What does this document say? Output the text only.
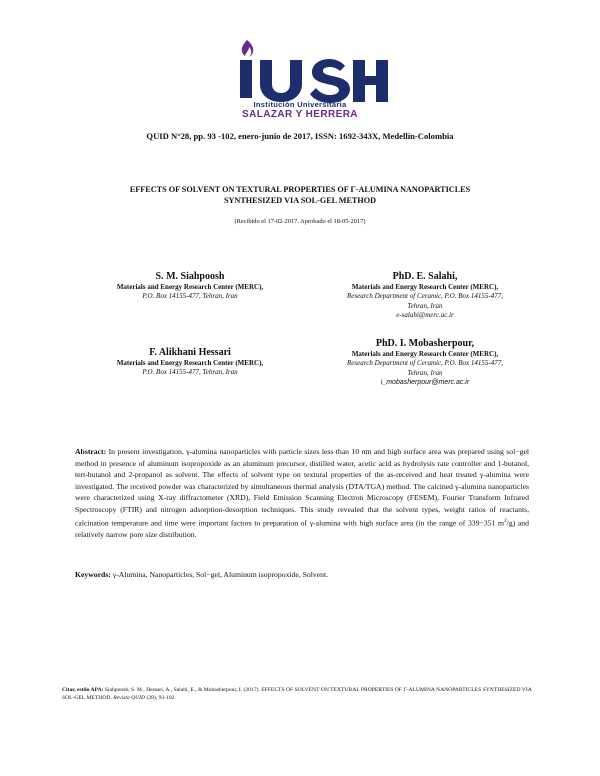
Institución Universitaria
SALAZAR Y HERRERA
QUID N°28, pp. 93 -102, enero-junio de 2017, ISSN: 1692-343X, Medellín-Colombia
EFFECTS OF SOLVENT ON TEXTURAL PROPERTIES OF Γ-ALUMINA NANOPARTICLES
SYNTHESIZED VIA SOL-GEL METHOD
(Recibido el 17-02-2017. Aprobado el 18-05-2017)
S. M. Siahpoosh
Materials and Energy Research Center (MERC),
P.O. Box 14155-477, Tehran, Iran
PhD. E. Salahi,
Materials and Energy Research Center (MERC),
Research Department of Ceramic, P.O. Box 14155-477,
Tehran, Iran
e-salahi@merc.ac.ir
F. Alikhani Hessari
Materials and Energy Research Center (MERC),
P.O. Box 14155-477, Tehran, Iran
PhD. I. Mobasherpour,
Materials and Energy Research Center (MERC),
Research Department of Ceramic, P.O. Box 14155-477,
Tehran, Iran
i_mobasherpour@merc.ac.ir
Abstract: In present investigation, γ-alumina nanoparticles with particle sizes less than 10 nm and high surface area was prepared using sol−gel method in presence of aluminum isopropoxide as an aluminum precursor, distilled water, acetic acid as hydrolysis rate controller and 1-butanol, tert-butanol and 2-propanol as solvent. The effects of solvent type on textural properties of the as-received and heat treated γ-alumina were investigated. The received powder was characterized by simultaneous thermal analysis (DTA/TGA) method. The calcined γ-alumina nanoparticles were characterized using X-ray diffractometer (XRD), Field Emission Scanning Electron Microscopy (FESEM), Fourier Transform Infrared Spectroscopy (FTIR) and nitrogen adsorption-desorption techniques. This study revealed that the solvent types, weight ratios of reactants, calcination temperature and time were important factors to preparation of γ-alumina with high surface area (in the range of 339−351 $m^2/g$) and relatively narrow pore size distribution.
Keywords: γ-Alumina, Nanoparticles, Sol−gel, Aluminum isopropoxide, Solvent.
Citar, estilo APA: Siahpoosh, S. M., Hessari, A., Salahi, E., & Mobasherpour, I. (2017). EFFECTS OF SOLVENT ON TEXTURAL PROPERTIES OF Γ-ALUMINA NANOPARTICLES SYNTHESIZED VIA SOL-GEL METHOD. Revista QUID (28), 93-102.
